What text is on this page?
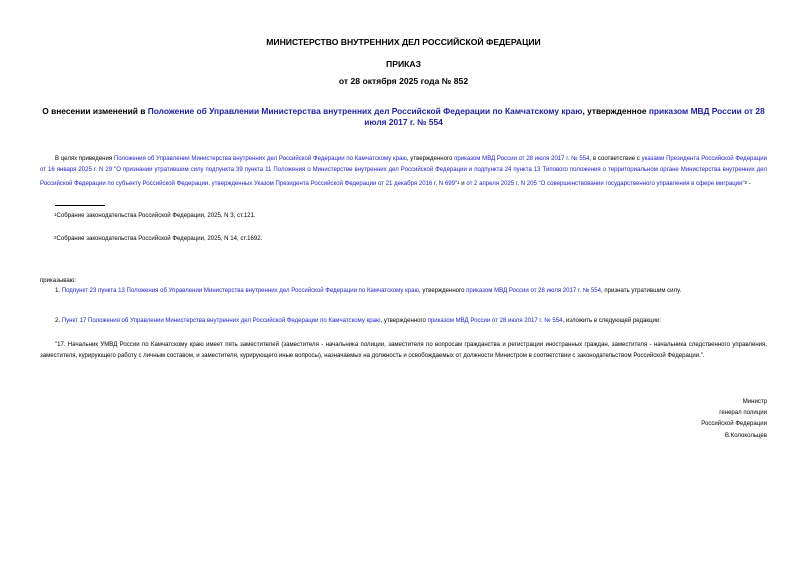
МИНИСТЕРСТВО ВНУТРЕННИХ ДЕЛ РОССИЙСКОЙ ФЕДЕРАЦИИ
ПРИКАЗ
от 28 октября 2025 года № 852
О внесении изменений в Положение об Управлении Министерства внутренних дел Российской Федерации по Камчатскому краю, утвержденное приказом МВД России от 28 июля 2017 г. № 554
В целях приведения Положения об Управлении Министерства внутренних дел Российской Федерации по Камчатскому краю, утвержденного приказом МВД России от 28 июля 2017 г. № 554, в соответствие с указами Президента Российской Федерации от 16 января 2025 г. N 29 "О признании утратившим силу подпункта 39 пункта 11 Положения о Министерстве внутренних дел Российской Федерации и подпункта 24 пункта 13 Типового положения о территориальном органе Министерства внутренних дел Российской Федерации по субъекту Российской Федерации, утвержденных Указом Президента Российской Федерации от 21 декабря 2016 г. N 699"$^1$ и от 2 апреля 2025 г. N 205 "О совершенствовании государственного управления в сфере миграции"$^2$ -
$^1$Собрание законодательства Российской Федерации, 2025, N 3, ст.121.
$^2$Собрание законодательства Российской Федерации, 2025, N 14, ст.1692.
приказываю:
1. Подпункт 23 пункта 13 Положения об Управлении Министерства внутренних дел Российской Федерации по Камчатскому краю, утвержденного приказом МВД России от 28 июля 2017 г. № 554, признать утратившим силу.
2. Пункт 17 Положения об Управлении Министерства внутренних дел Российской Федерации по Камчатскому краю, утвержденного приказом МВД России от 28 июля 2017 г. № 554, изложить в следующей редакции:
"17. Начальник УМВД России по Камчатскому краю имеет пять заместителей (заместителя - начальника полиции, заместителя по вопросам гражданства и регистрации иностранных граждан, заместителя - начальника следственного управления, заместителя, курирующего работу с личным составом, и заместителя, курирующего иные вопросы), назначаемых на должность и освобождаемых от должности Министром в соответствии с законодательством Российской Федерации.".
Министр
генерал полиции
Российской Федерации
В.Колокольцев
